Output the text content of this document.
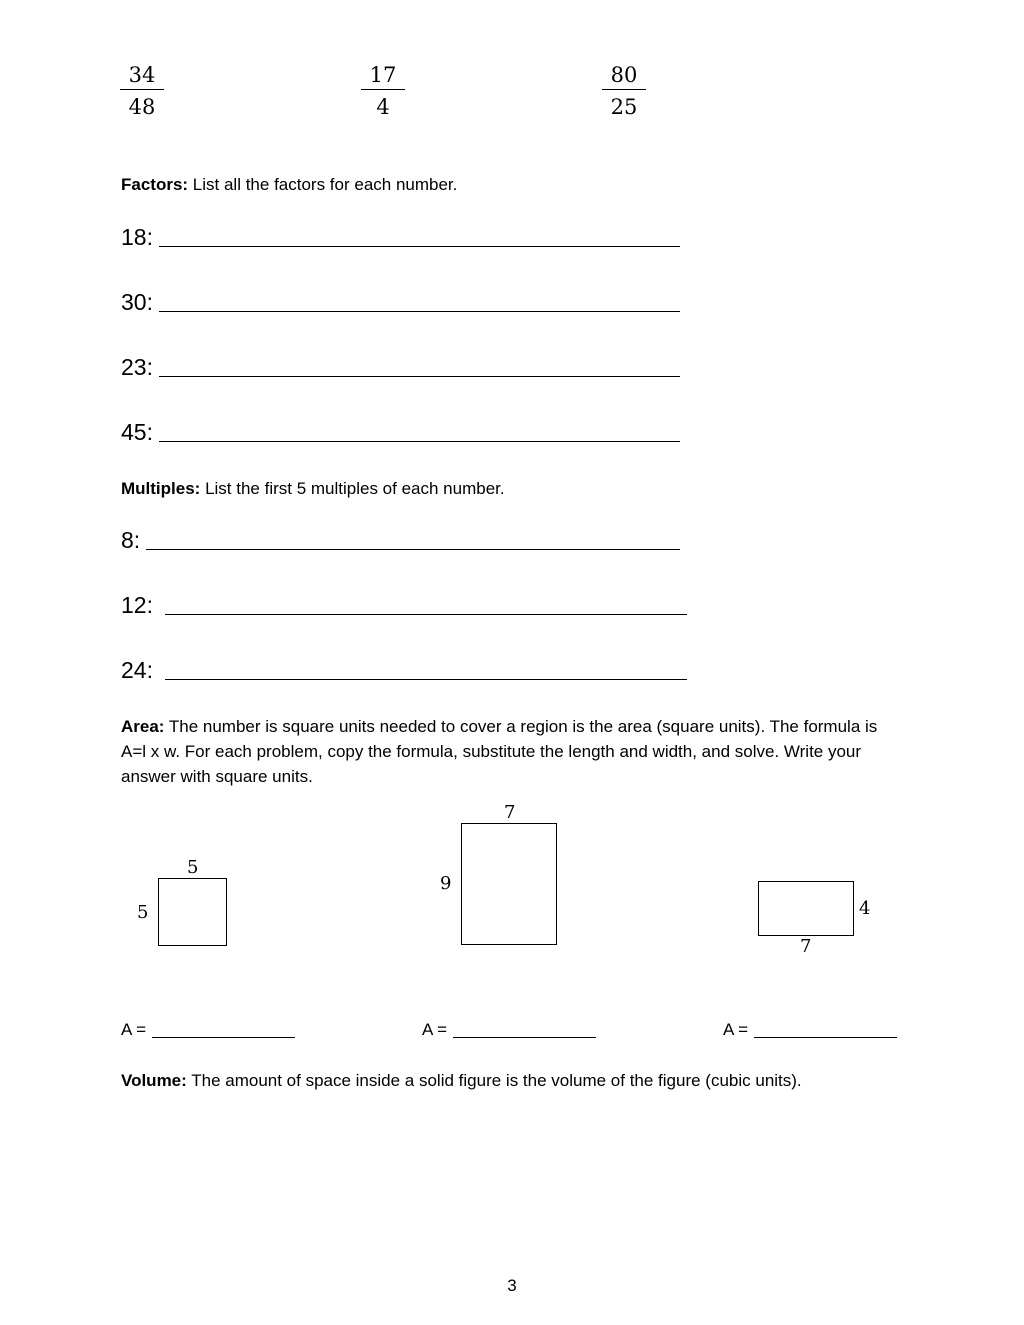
$\frac{34}{48}$	$\frac{17}{4}$	$\frac{80}{25}$
Factors: List all the factors for each number.
18:
30:
23:
45:
Multiples: List the first 5 multiples of each number.
8:
12:
24:
Area: The number is square units needed to cover a region is the area (square units). The formula is A=l x w. For each problem, copy the formula, substitute the length and width, and solve. Write your answer with square units.
5
5
7
9
4
7
A =	A =	A =
Volume: The amount of space inside a solid figure is the volume of the figure (cubic units).
3
